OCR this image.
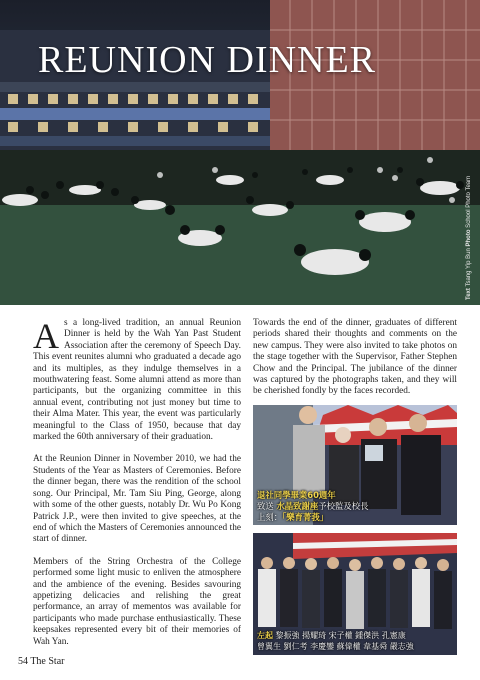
REUNION DINNER
Text Tsang Yip Bun Photo School Photo Team

As a long-lived tradition, an annual Reunion Dinner is held by the Wah Yan Past Student Association after the ceremony of Speech Day. This event reunites alumni who graduated a decade ago and its multiples, as they indulge themselves in a mouthwatering feast. Some alumni attend as more than participants, but the organizing committee in this annual event, contributing not just money but time to their Alma Mater. This year, the event was particularly meaningful to the Class of 1950, because that day marked the 60th anniversary of their graduation.

At the Reunion Dinner in November 2010, we had the Students of the Year as Masters of Ceremonies. Before the dinner began, there was the rendition of the school song. Our Principal, Mr. Tam Siu Ping, George, along with some of the other guests, notably Dr. Wu Po Kong Patrick J.P., were then invited to give speeches, at the end of which the Masters of Ceremonies announced the start of dinner.

Members of the String Orchestra of the College performed some light music to enliven the atmosphere and the ambience of the evening. Besides savouring appetizing delicacies and relishing the great performance, an array of mementos was available for participants who made purchase enthusiastically. These keepsakes represented every bit of their memories of Wah Yan.

Towards the end of the dinner, graduates of different periods shared their thoughts and comments on the new campus. They were also invited to take photos on the stage together with the Supervisor, Father Stephen Chow and the Principal. The jubilance of the dinner was captured by the photographs taken, and they will be cherished fondly by the faces recorded.

退社同學畢業60週年
致送 水晶致謝座予校監及校長
上刻：「樂育菁莪」
左起 黎振強 揚耀琦 宋子權 鍾傑洪 孔憲康
曾翼生 劉仁考 李慶鑾 蘇偉權 韋基舜 嚴志強
54 The Star
